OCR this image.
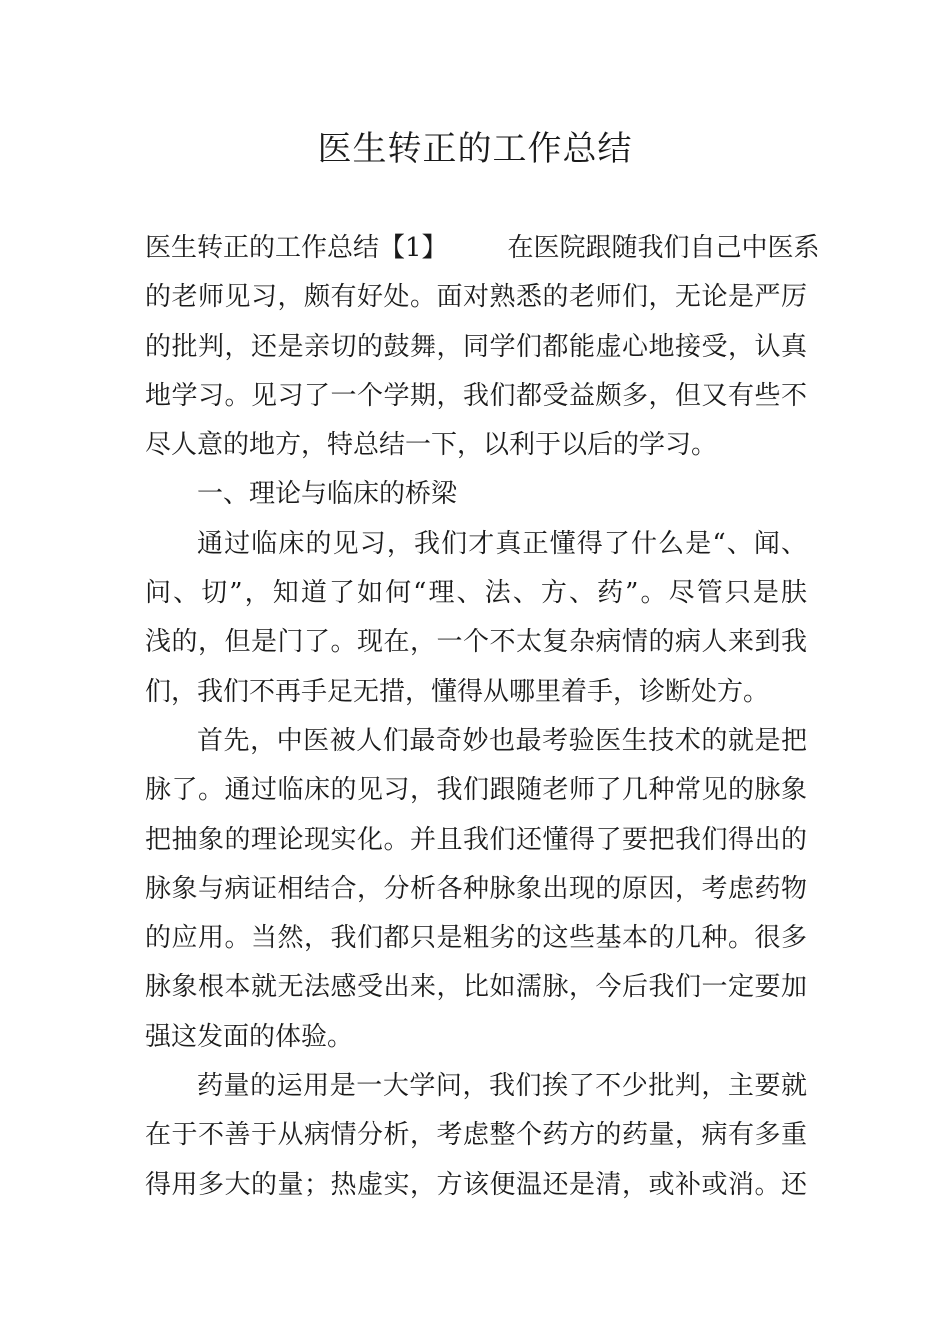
医生转正的工作总结
医生转正的工作总结【1】 在医院跟随我们自己中医系
的老师见习，颇有好处。面对熟悉的老师们，无论是严厉
的批判，还是亲切的鼓舞，同学们都能虚心地接受，认真
地学习。见习了一个学期，我们都受益颇多，但又有些不
尽人意的地方，特总结一下，以利于以后的学习。
一、理论与临床的桥梁
通过临床的见习，我们才真正懂得了什么是“、闻、
问、切”，知道了如何“理、法、方、药”。尽管只是肤
浅的，但是门了。现在，一个不太复杂病情的病人来到我
们，我们不再手足无措，懂得从哪里着手，诊断处方。
首先，中医被人们最奇妙也最考验医生技术的就是把
脉了。通过临床的见习，我们跟随老师了几种常见的脉象
把抽象的理论现实化。并且我们还懂得了要把我们得出的
脉象与病证相结合，分析各种脉象出现的原因，考虑药物
的应用。当然，我们都只是粗劣的这些基本的几种。很多
脉象根本就无法感受出来，比如濡脉，今后我们一定要加
强这发面的体验。
药量的运用是一大学问，我们挨了不少批判，主要就
在于不善于从病情分析，考虑整个药方的药量，病有多重
得用多大的量；热虚实，方该便温还是清，或补或消。还
